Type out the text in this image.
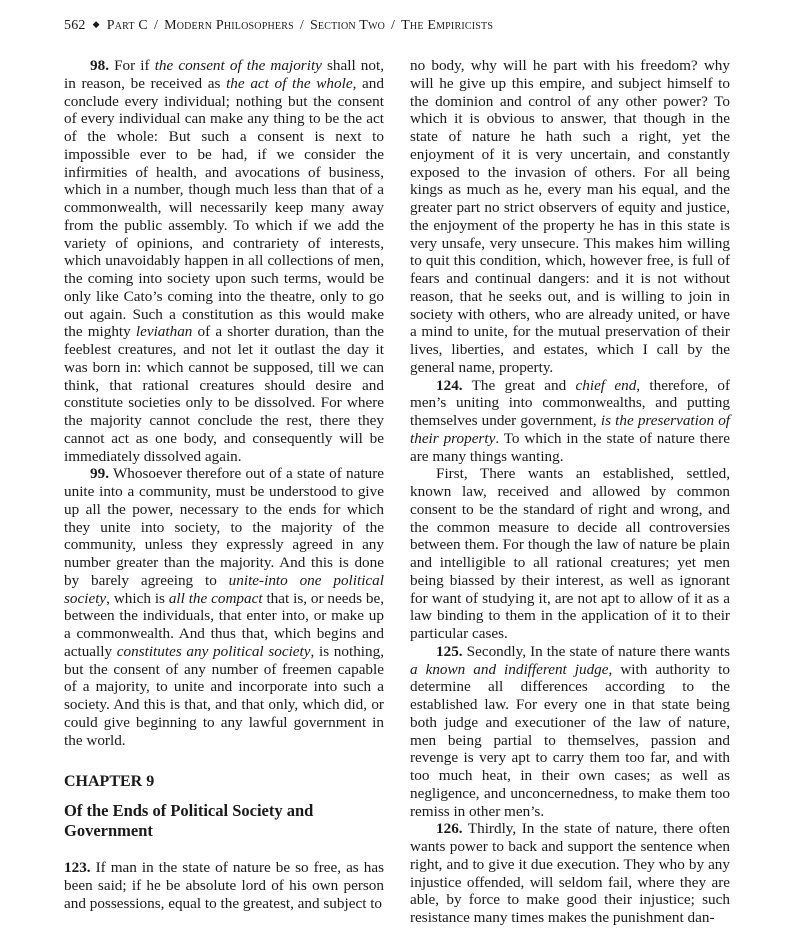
562 ◆ Part C / Modern Philosophers / Section Two / The Empiricists

98. For if the consent of the majority shall not, in reason, be received as the act of the whole, and conclude every individual; nothing but the consent of every individual can make any thing to be the act of the whole: But such a consent is next to impossible ever to be had, if we consider the infirmities of health, and avocations of business, which in a number, though much less than that of a commonwealth, will necessarily keep many away from the public assembly. To which if we add the variety of opinions, and contrariety of interests, which unavoidably happen in all collections of men, the coming into society upon such terms, would be only like Cato’s coming into the theatre, only to go out again. Such a constitution as this would make the mighty leviathan of a shorter duration, than the feeblest creatures, and not let it outlast the day it was born in: which cannot be supposed, till we can think, that rational creatures should desire and constitute societies only to be dissolved. For where the majority cannot conclude the rest, there they cannot act as one body, and consequently will be immediately dissolved again.

99. Whosoever therefore out of a state of nature unite into a community, must be understood to give up all the power, necessary to the ends for which they unite into society, to the majority of the community, unless they expressly agreed in any number greater than the majority. And this is done by barely agreeing to unite-into one political society, which is all the compact that is, or needs be, between the individuals, that enter into, or make up a commonwealth. And thus that, which begins and actually constitutes any political society, is nothing, but the consent of any number of freemen capable of a majority, to unite and incorporate into such a society. And this is that, and that only, which did, or could give beginning to any lawful government in the world.

CHAPTER 9

Of the Ends of Political Society and Government

123. If man in the state of nature be so free, as has been said; if he be absolute lord of his own person and possessions, equal to the greatest, and subject to

no body, why will he part with his freedom? why will he give up this empire, and subject himself to the dominion and control of any other power? To which it is obvious to answer, that though in the state of nature he hath such a right, yet the enjoyment of it is very uncertain, and constantly exposed to the invasion of others. For all being kings as much as he, every man his equal, and the greater part no strict observers of equity and justice, the enjoyment of the property he has in this state is very unsafe, very unsecure. This makes him willing to quit this condition, which, however free, is full of fears and continual dangers: and it is not without reason, that he seeks out, and is willing to join in society with others, who are already united, or have a mind to unite, for the mutual preservation of their lives, liberties, and estates, which I call by the general name, property.

124. The great and chief end, therefore, of men’s uniting into commonwealths, and putting themselves under government, is the preservation of their property. To which in the state of nature there are many things wanting.

First, There wants an established, settled, known law, received and allowed by common consent to be the standard of right and wrong, and the common measure to decide all controversies between them. For though the law of nature be plain and intelligible to all rational creatures; yet men being biassed by their interest, as well as ignorant for want of studying it, are not apt to allow of it as a law binding to them in the application of it to their particular cases.

125. Secondly, In the state of nature there wants a known and indifferent judge, with authority to determine all differences according to the established law. For every one in that state being both judge and executioner of the law of nature, men being partial to themselves, passion and revenge is very apt to carry them too far, and with too much heat, in their own cases; as well as negligence, and unconcernedness, to make them too remiss in other men’s.

126. Thirdly, In the state of nature, there often wants power to back and support the sentence when right, and to give it due execution. They who by any injustice offended, will seldom fail, where they are able, by force to make good their injustice; such resistance many times makes the punishment dan-
